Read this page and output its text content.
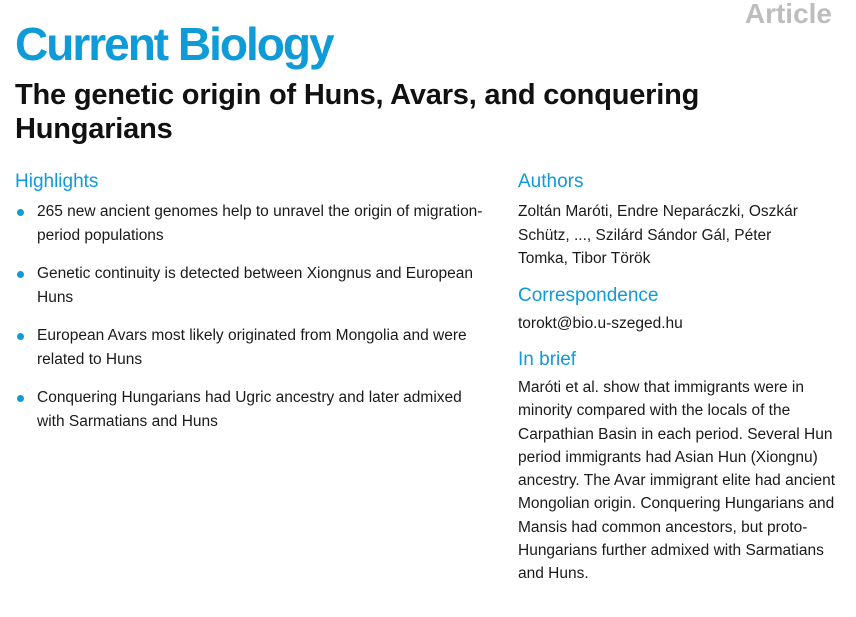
Article
Current Biology
The genetic origin of Huns, Avars, and conquering Hungarians
Highlights
265 new ancient genomes help to unravel the origin of migration-period populations
Genetic continuity is detected between Xiongnus and European Huns
European Avars most likely originated from Mongolia and were related to Huns
Conquering Hungarians had Ugric ancestry and later admixed with Sarmatians and Huns
Authors

Zoltán Maróti, Endre Neparáczki, Oszkár Schütz, ..., Szilárd Sándor Gál, Péter Tomka, Tibor Török

Correspondence

torokt@bio.u-szeged.hu

In brief

Maróti et al. show that immigrants were in minority compared with the locals of the Carpathian Basin in each period. Several Hun period immigrants had Asian Hun (Xiongnu) ancestry. The Avar immigrant elite had ancient Mongolian origin. Conquering Hungarians and Mansis had common ancestors, but proto-Hungarians further admixed with Sarmatians and Huns.
